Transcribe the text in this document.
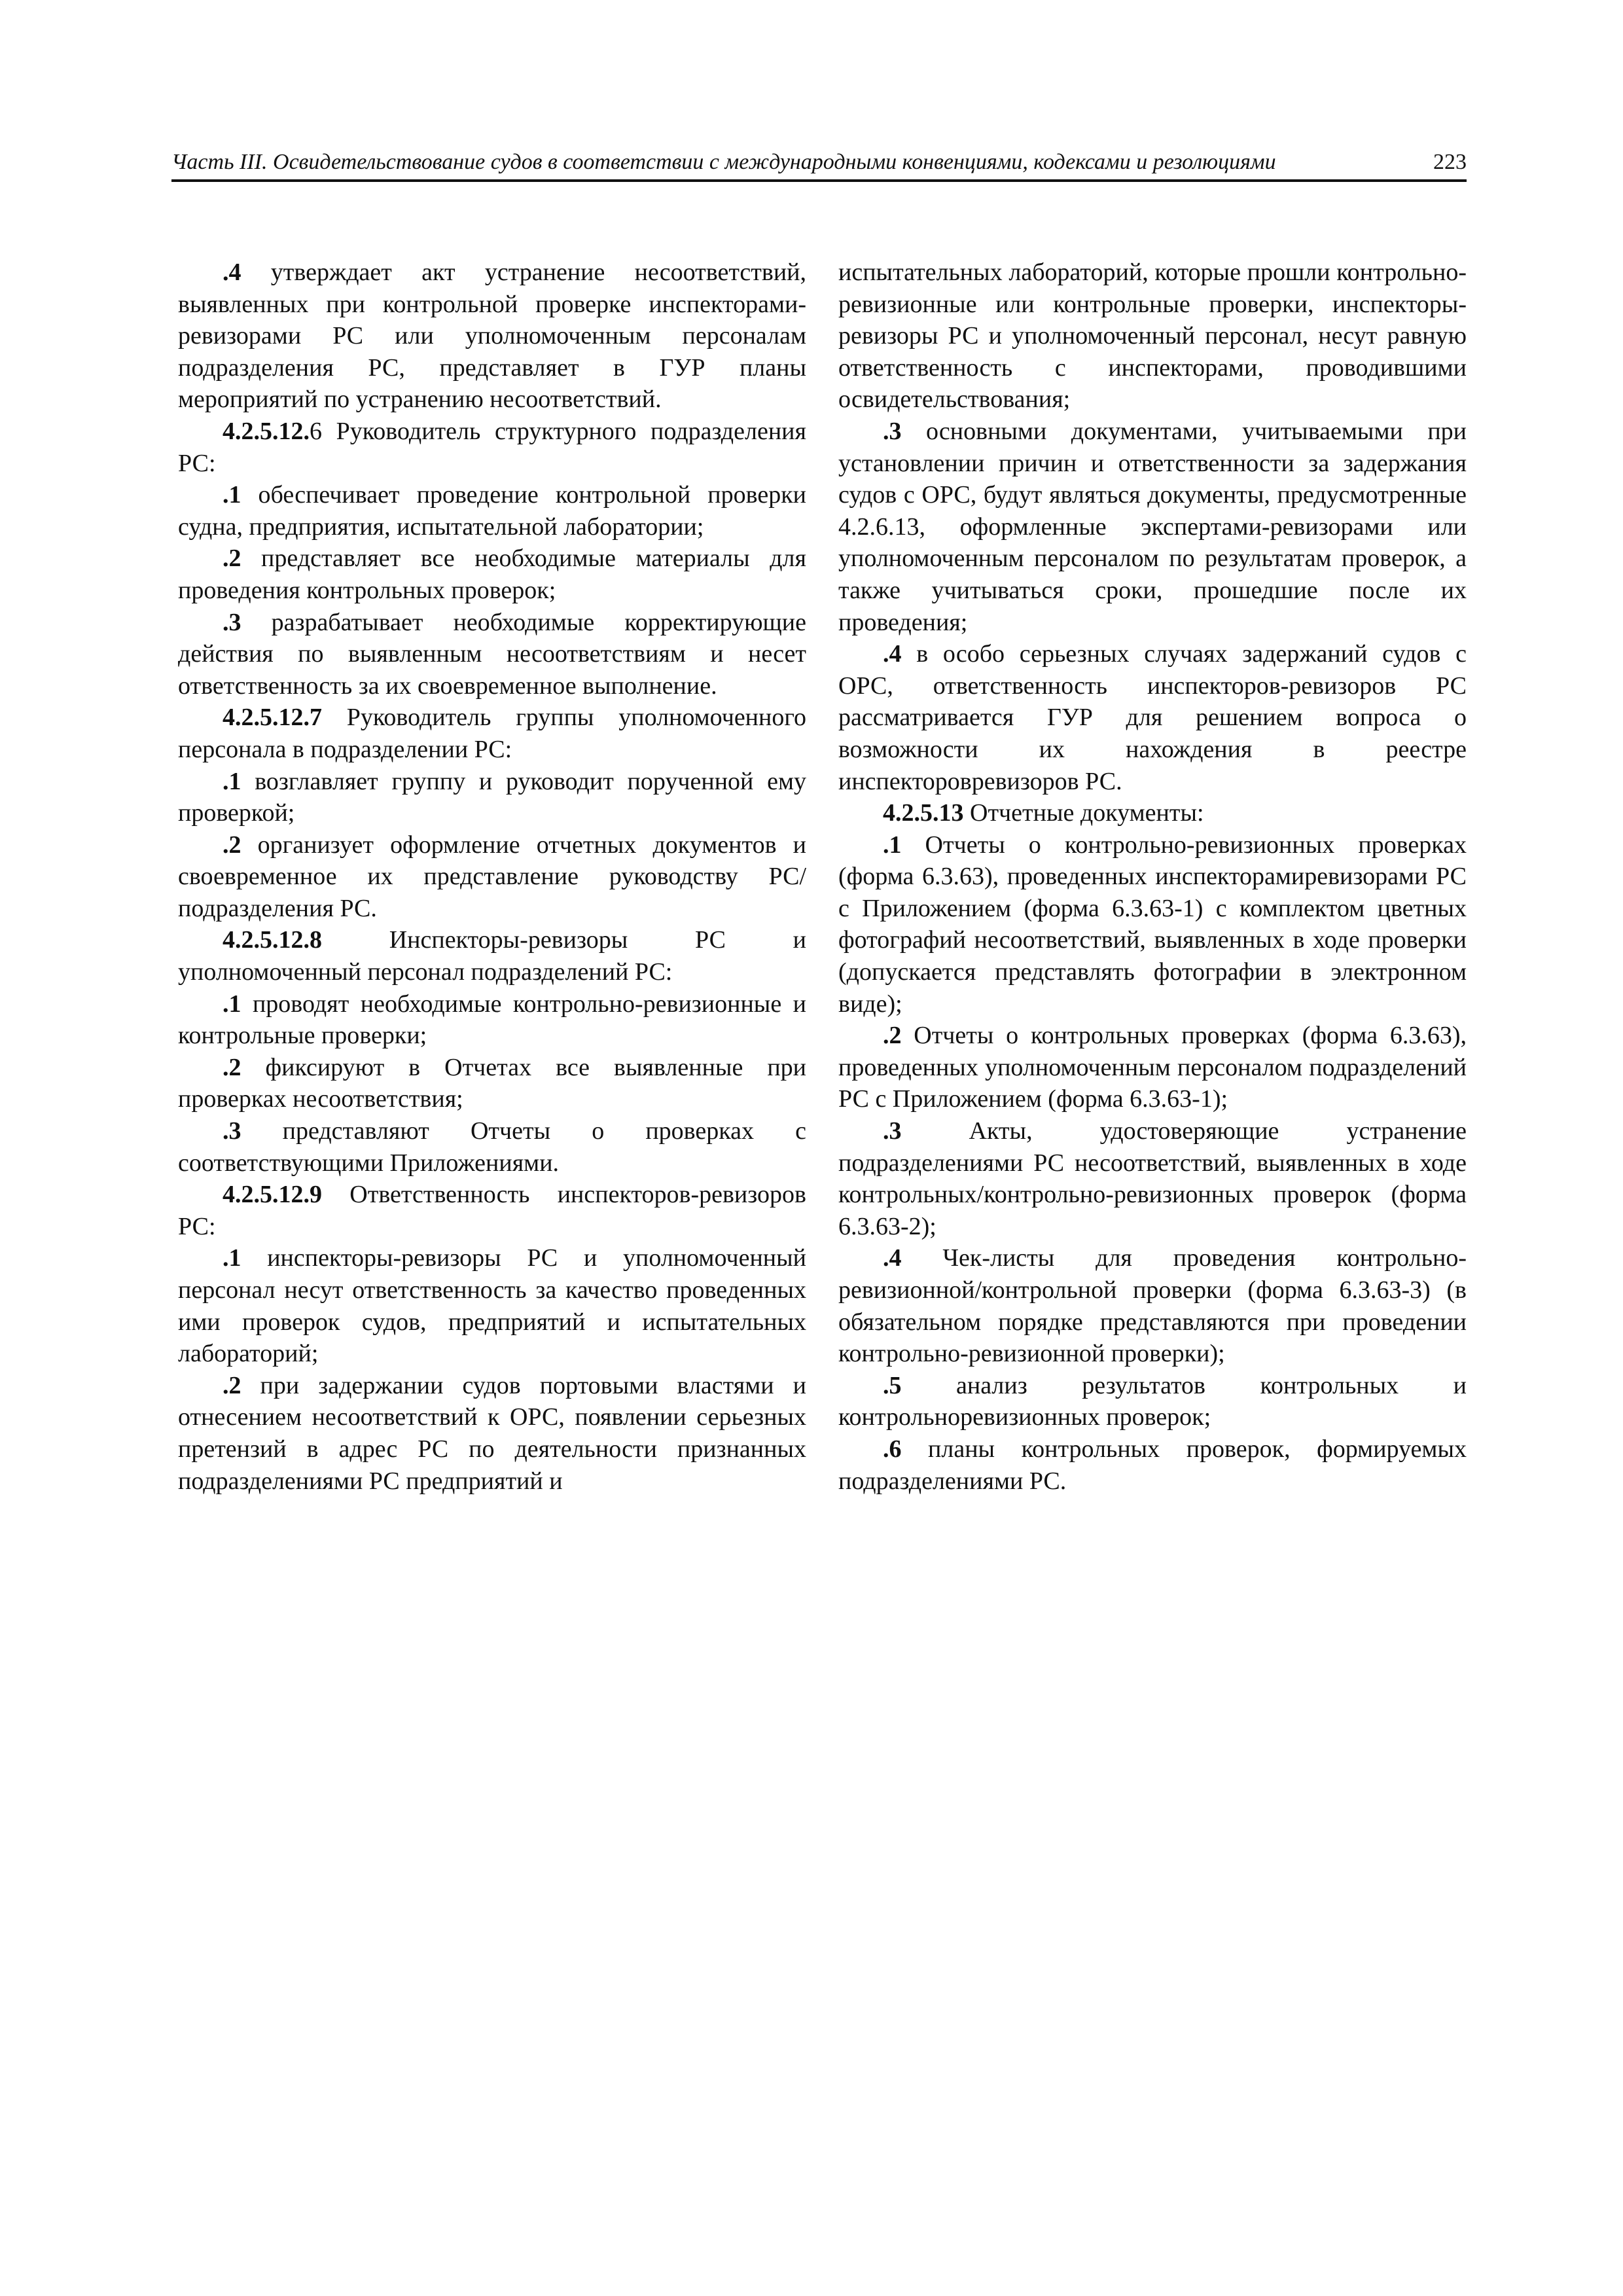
Часть III. Освидетельствование судов в соответствии с международными конвенциями, кодексами и резолюциями	223

.4 утверждает акт устранение несоответствий, выявленных при контрольной проверке инспекторами-ревизорами РС или уполномоченным персоналам подразделения РС, представляет в ГУР планы мероприятий по устранению несоответствий.

4.2.5.12.6 Руководитель структурного подразделения РС:

.1 обеспечивает проведение контрольной проверки судна, предприятия, испытательной лаборатории;

.2 представляет все необходимые материалы для проведения контрольных проверок;

.3 разрабатывает необходимые корректирующие действия по выявленным несоответствиям и несет ответственность за их своевременное выполнение.

4.2.5.12.7 Руководитель группы уполномоченного персонала в подразделении РС:

.1 возглавляет группу и руководит порученной ему проверкой;

.2 организует оформление отчетных документов и своевременное их представление руководству РС/ подразделения РС.

4.2.5.12.8 Инспекторы-ревизоры РС и уполномоченный персонал подразделений РС:

.1 проводят необходимые контрольно-ревизионные и контрольные проверки;

.2 фиксируют в Отчетах все выявленные при проверках несоответствия;

.3 представляют Отчеты о проверках с соответствующими Приложениями.

4.2.5.12.9 Ответственность инспекторов-ревизоров РС:

.1 инспекторы-ревизоры РС и уполномоченный персонал несут ответственность за качество проведенных ими проверок судов, предприятий и испытательных лабораторий;

.2 при задержании судов портовыми властями и отнесением несоответствий к ОРС, появлении серьезных претензий в адрес РС по деятельности признанных подразделениями РС предприятий и

испытательных лабораторий, которые прошли контрольно-ревизионные или контрольные проверки, инспекторы-ревизоры РС и уполномоченный персонал, несут равную ответственность с инспекторами, проводившими освидетельствования;

.3 основными документами, учитываемыми при установлении причин и ответственности за задержания судов с ОРС, будут являться документы, предусмотренные 4.2.6.13, оформленные экспертами-ревизорами или уполномоченным персоналом по результатам проверок, а также учитываться сроки, прошедшие после их проведения;

.4 в особо серьезных случаях задержаний судов с ОРС, ответственность инспекторов-ревизоров РС рассматривается ГУР для решением вопроса о возможности их нахождения в реестре инспекторовревизоров РС.

4.2.5.13 Отчетные документы:

.1 Отчеты о контрольно-ревизионных проверках (форма 6.3.63), проведенных инспекторамиревизорами РС с Приложением (форма 6.3.63-1) с комплектом цветных фотографий несоответствий, выявленных в ходе проверки (допускается представлять фотографии в электронном виде);

.2 Отчеты о контрольных проверках (форма 6.3.63), проведенных уполномоченным персоналом подразделений РС с Приложением (форма 6.3.63-1);

.3 Акты, удостоверяющие устранение подразделениями РС несоответствий, выявленных в ходе контрольных/контрольно-ревизионных проверок (форма 6.3.63-2);

.4 Чек-листы для проведения контрольно-ревизионной/контрольной проверки (форма 6.3.63-3) (в обязательном порядке представляются при проведении контрольно-ревизионной проверки);

.5 анализ результатов контрольных и контрольноревизионных проверок;

.6 планы контрольных проверок, формируемых подразделениями РС.
